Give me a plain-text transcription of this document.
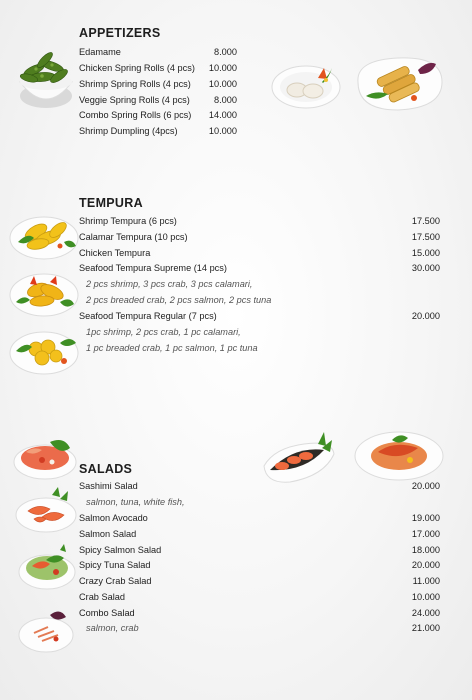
APPETIZERS
Edamame	8.000
Chicken Spring Rolls (4 pcs) 10.000
Shrimp Spring Rolls (4 pcs) 10.000
Veggie Spring Rolls (4 pcs)	8.000
Combo Spring Rolls (6 pcs) 14.000
Shrimp Dumpling (4pcs)	10.000
TEMPURA
Shrimp Tempura (6 pcs)	17.500
Calamar Tempura (10 pcs)	17.500
Chicken Tempura	15.000
Seafood Tempura Supreme (14 pcs)	30.000
2 pcs shrimp, 3 pcs crab, 3 pcs calamari,
2 pcs breaded crab, 2 pcs salmon, 2 pcs tuna
Seafood Tempura Regular (7 pcs)	20.000
1pc shrimp, 2 pcs crab, 1 pc calamari,
1 pc breaded crab, 1 pc salmon, 1 pc tuna
SALADS
Sashimi Salad	20.000
salmon, tuna, white fish,
Salmon Avocado	19.000
Salmon Salad	17.000
Spicy Salmon Salad	18.000
Spicy Tuna Salad	20.000
Crazy Crab Salad	11.000
Crab Salad	10.000
Combo Salad	24.000
salmon, crab	21.000
